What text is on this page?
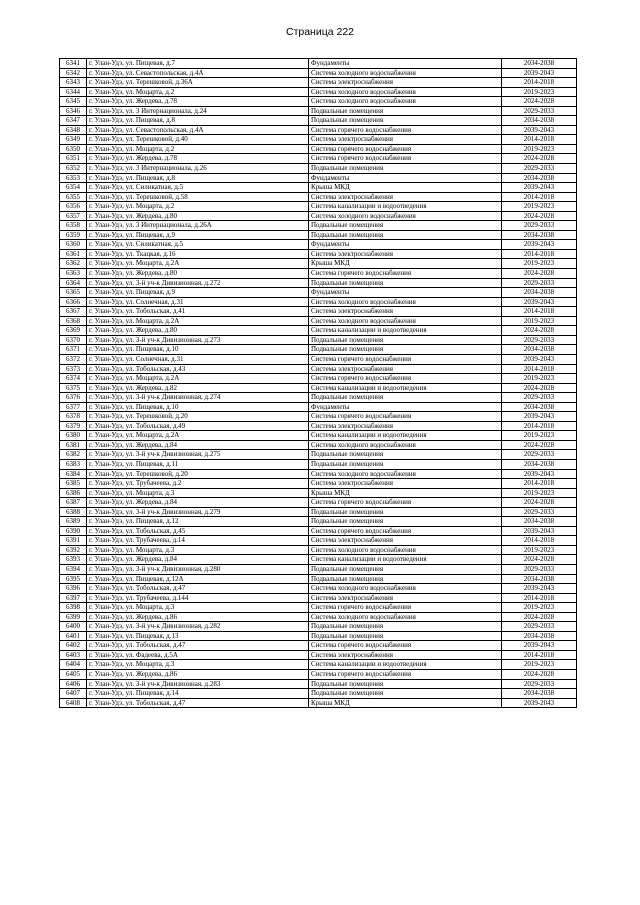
Страница 222
6341	г. Улан-Удэ, ул. Пищевая, д.7	Фундаменты	2034-2038
6342	г. Улан-Удэ, ул. Севастопольская, д.4А	Система холодного водоснабжения	2039-2043
6343	г. Улан-Удэ, ул. Терешковой, д.36А	Система электроснабжения	2014-2018
6344	г. Улан-Удэ, ул. Моцарта, д.2	Система холодного водоснабжения	2019-2023
6345	г. Улан-Удэ, ул. Жердева, д.78	Система холодного водоснабжения	2024-2028
6346	г. Улан-Удэ, ул. 3 Интернационала, д.24	Подвальные помещения	2029-2033
6347	г. Улан-Удэ, ул. Пищевая, д.8	Подвальные помещения	2034-2038
6348	г. Улан-Удэ, ул. Севастопольская, д.4А	Система горячего водоснабжения	2039-2043
6349	г. Улан-Удэ, ул. Терешковой, д.40	Система электроснабжения	2014-2018
6350	г. Улан-Удэ, ул. Моцарта, д.2	Система горячего водоснабжения	2019-2023
6351	г. Улан-Удэ, ул. Жердева, д.78	Система горячего водоснабжения	2024-2028
6352	г. Улан-Удэ, ул. 3 Интернационала, д.26	Подвальные помещения	2029-2033
6353	г. Улан-Удэ, ул. Пищевая, д.8	Фундаменты	2034-2038
6354	г. Улан-Удэ, ул. Силикатная, д.5	Крыша МКД	2039-2043
6355	г. Улан-Удэ, ул. Терешковой, д.58	Система электроснабжения	2014-2018
6356	г. Улан-Удэ, ул. Моцарта, д.2	Система канализации и водоотведения	2019-2023
6357	г. Улан-Удэ, ул. Жердева, д.80	Система холодного водоснабжения	2024-2028
6358	г. Улан-Удэ, ул. 3 Интернационала, д.26А	Подвальные помещения	2029-2033
6359	г. Улан-Удэ, ул. Пищевая, д.9	Подвальные помещения	2034-2038
6360	г. Улан-Удэ, ул. Силикатная, д.5	Фундаменты	2039-2043
6361	г. Улан-Удэ, ул. Ткацкая, д.16	Система электроснабжения	2014-2018
6362	г. Улан-Удэ, ул. Моцарта, д.2А	Крыша МКД	2019-2023
6363	г. Улан-Удэ, ул. Жердева, д.80	Система горячего водоснабжения	2024-2028
6364	г. Улан-Удэ, ул. 3-й уч-к Дивизионная, д.272	Подвальные помещения	2029-2033
6365	г. Улан-Удэ, ул. Пищевая, д.9	Фундаменты	2034-2038
6366	г. Улан-Удэ, ул. Солнечная, д.31	Система холодного водоснабжения	2039-2043
6367	г. Улан-Удэ, ул. Тобольская, д.41	Система электроснабжения	2014-2018
6368	г. Улан-Удэ, ул. Моцарта, д.2А	Система холодного водоснабжения	2019-2023
6369	г. Улан-Удэ, ул. Жердева, д.80	Система канализации и водоотведения	2024-2028
6370	г. Улан-Удэ, ул. 3-й уч-к Дивизионная, д.273	Подвальные помещения	2029-2033
6371	г. Улан-Удэ, ул. Пищевая, д.10	Подвальные помещения	2034-2038
6372	г. Улан-Удэ, ул. Солнечная, д.31	Система горячего водоснабжения	2039-2043
6373	г. Улан-Удэ, ул. Тобольская, д.43	Система электроснабжения	2014-2018
6374	г. Улан-Удэ, ул. Моцарта, д.2А	Система горячего водоснабжения	2019-2023
6375	г. Улан-Удэ, ул. Жердева, д.82	Система канализации и водоотведения	2024-2028
6376	г. Улан-Удэ, ул. 3-й уч-к Дивизионная, д.274	Подвальные помещения	2029-2033
6377	г. Улан-Удэ, ул. Пищевая, д.10	Фундаменты	2034-2038
6378	г. Улан-Удэ, ул. Терешковой, д.20	Система горячего водоснабжения	2039-2043
6379	г. Улан-Удэ, ул. Тобольская, д.49	Система электроснабжения	2014-2018
6380	г. Улан-Удэ, ул. Моцарта, д.2А	Система канализации и водоотведения	2019-2023
6381	г. Улан-Удэ, ул. Жердева, д.84	Система холодного водоснабжения	2024-2028
6382	г. Улан-Удэ, ул. 3-й уч-к Дивизионная, д.275	Подвальные помещения	2029-2033
6383	г. Улан-Удэ, ул. Пищевая, д.11	Подвальные помещения	2034-2038
6384	г. Улан-Удэ, ул. Терешковой, д.20	Система холодного водоснабжения	2039-2043
6385	г. Улан-Удэ, ул. Трубачеева, д.2	Система электроснабжения	2014-2018
6386	г. Улан-Удэ, ул. Моцарта, д.3	Крыша МКД	2019-2023
6387	г. Улан-Удэ, ул. Жердева, д.84	Система горячего водоснабжения	2024-2028
6388	г. Улан-Удэ, ул. 3-й уч-к Дивизионная, д.279	Подвальные помещения	2029-2033
6389	г. Улан-Удэ, ул. Пищевая, д.12	Подвальные помещения	2034-2038
6390	г. Улан-Удэ, ул. Тобольская, д.45	Система горячего водоснабжения	2039-2043
6391	г. Улан-Удэ, ул. Трубачеева, д.14	Система электроснабжения	2014-2018
6392	г. Улан-Удэ, ул. Моцарта, д.3	Система холодного водоснабжения	2019-2023
6393	г. Улан-Удэ, ул. Жердева, д.84	Система канализации и водоотведения	2024-2028
6394	г. Улан-Удэ, ул. 3-й уч-к Дивизионная, д.280	Подвальные помещения	2029-2033
6395	г. Улан-Удэ, ул. Пищевая, д.12А	Подвальные помещения	2034-2038
6396	г. Улан-Удэ, ул. Тобольская, д.47	Система холодного водоснабжения	2039-2043
6397	г. Улан-Удэ, ул. Трубачеева, д.144	Система электроснабжения	2014-2018
6398	г. Улан-Удэ, ул. Моцарта, д.3	Система горячего водоснабжения	2019-2023
6399	г. Улан-Удэ, ул. Жердева, д.86	Система холодного водоснабжения	2024-2028
6400	г. Улан-Удэ, ул. 3-й уч-к Дивизионная, д.282	Подвальные помещения	2029-2033
6401	г. Улан-Удэ, ул. Пищевая, д.13	Подвальные помещения	2034-2038
6402	г. Улан-Удэ, ул. Тобольская, д.47	Система горячего водоснабжения	2039-2043
6403	г. Улан-Удэ, ул. Фадеева, д.5А	Система электроснабжения	2014-2018
6404	г. Улан-Удэ, ул. Моцарта, д.3	Система канализации и водоотведения	2019-2023
6405	г. Улан-Удэ, ул. Жердева, д.86	Система горячего водоснабжения	2024-2028
6406	г. Улан-Удэ, ул. 3-й уч-к Дивизионная, д.283	Подвальные помещения	2029-2033
6407	г. Улан-Удэ, ул. Пищевая, д.14	Подвальные помещения	2034-2038
6408	г. Улан-Удэ, ул. Тобольская, д.47	Крыша МКД	2039-2043
